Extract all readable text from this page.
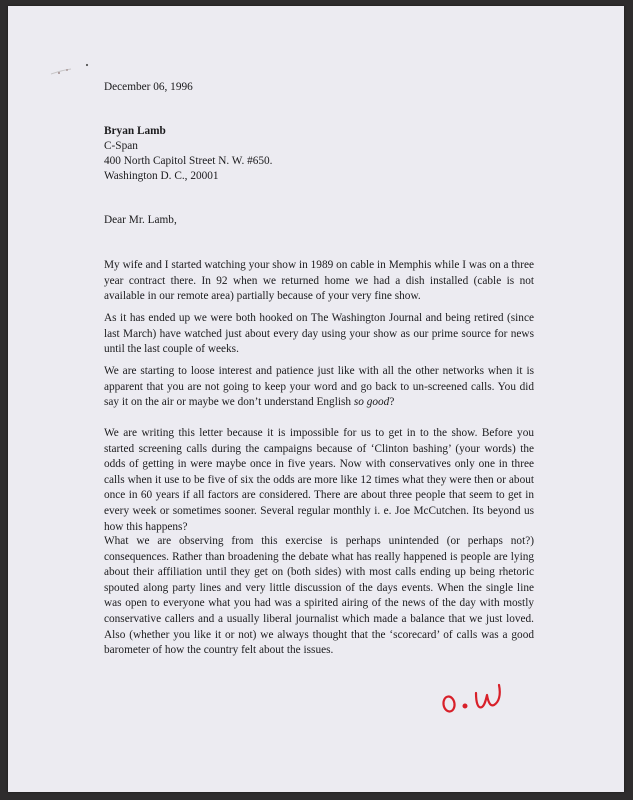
December 06, 1996
Bryan Lamb
C-Span
400 North Capitol Street N. W. #650.
Washington D. C., 20001
Dear Mr. Lamb,
My wife and I started watching your show in 1989 on cable in Memphis while I was on a three year contract there. In 92 when we returned home we had a dish installed (cable is not available in our remote area) partially because of your very fine show.
As it has ended up we were both hooked on The Washington Journal and being retired (since last March) have watched just about every day using your show as our prime source for news until the last couple of weeks.
We are starting to loose interest and patience just like with all the other networks when it is apparent that you are not going to keep your word and go back to un-screened calls. You did say it on the air or maybe we don’t understand English so good?
We are writing this letter because it is impossible for us to get in to the show. Before you started screening calls during the campaigns because of ‘Clinton bashing’ (your words) the odds of getting in were maybe once in five years. Now with conservatives only one in three calls when it use to be five of six the odds are more like 12 times what they were then or about once in 60 years if all factors are considered. There are about three people that seem to get in every week or sometimes sooner. Several regular monthly i. e. Joe McCutchen. Its beyond us how this happens?
What we are observing from this exercise is perhaps unintended (or perhaps not?) consequences. Rather than broadening the debate what has really happened is people are lying about their affiliation until they get on (both sides) with most calls ending up being rhetoric spouted along party lines and very little discussion of the days events. When the single line was open to everyone what you had was a spirited airing of the news of the day with mostly conservative callers and a usually liberal journalist which made a balance that we just loved. Also (whether you like it or not) we always thought that the ‘scorecard’ of calls was a good barometer of how the country felt about the issues.
